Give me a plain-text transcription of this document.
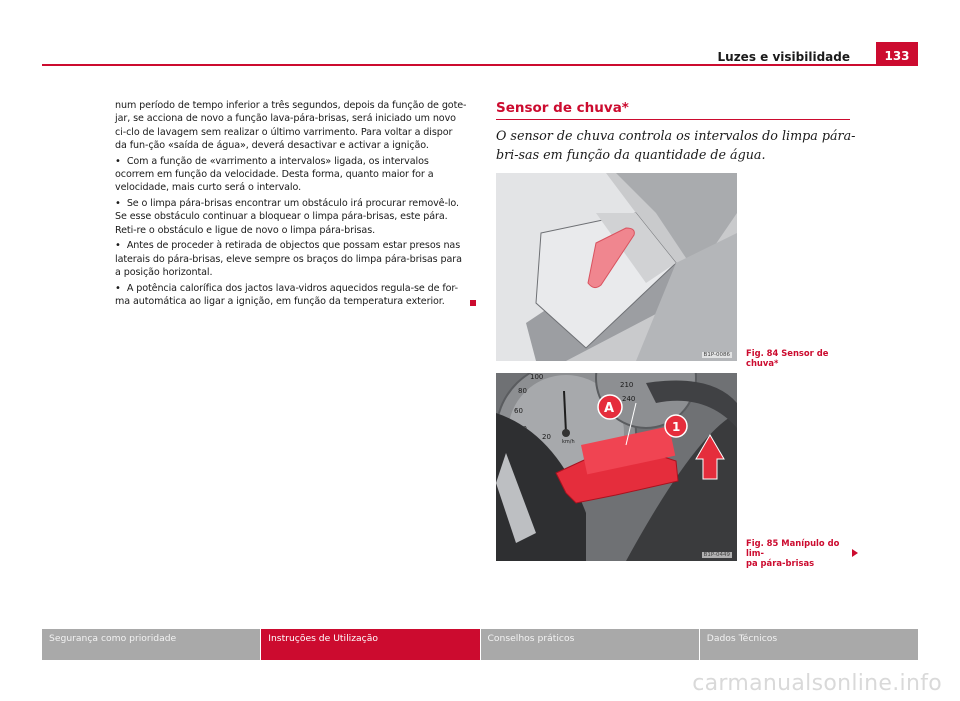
Luzes e visibilidade	133

num período de tempo inferior a três segundos, depois da função de gote-jar, se acciona de novo a função lava-pára-brisas, será iniciado um novo ci-clo de lavagem sem realizar o último varrimento. Para voltar a dispor da fun-ção «saída de água», deverá desactivar e activar a ignição.

• Com a função de «varrimento a intervalos» ligada, os intervalos ocorrem em função da velocidade. Desta forma, quanto maior for a velocidade, mais curto será o intervalo.

• Se o limpa pára-brisas encontrar um obstáculo irá procurar removê-lo. Se esse obstáculo continuar a bloquear o limpa pára-brisas, este pára. Reti-re o obstáculo e ligue de novo o limpa pára-brisas.

• Antes de proceder à retirada de objectos que possam estar presos nas laterais do pára-brisas, eleve sempre os braços do limpa pára-brisas para a posição horizontal.

• A potência calorífica dos jactos lava-vidros aquecidos regula-se de for-ma automática ao ligar a ignição, em função da temperatura exterior.

Sensor de chuva*
O sensor de chuva controla os intervalos do limpa pára-bri-sas em função da quantidade de água.
B1P-0086 Fig. 84 Sensor de chuva*
100
80
60
20
km/h
210
240
A
1
B1P-0449
Fig. 85 Manípulo do lim-
pa pára-brisas
Segurança como prioridade	Instruções de Utilização	Conselhos práticos	Dados Técnicos
carmanualsonline.info
